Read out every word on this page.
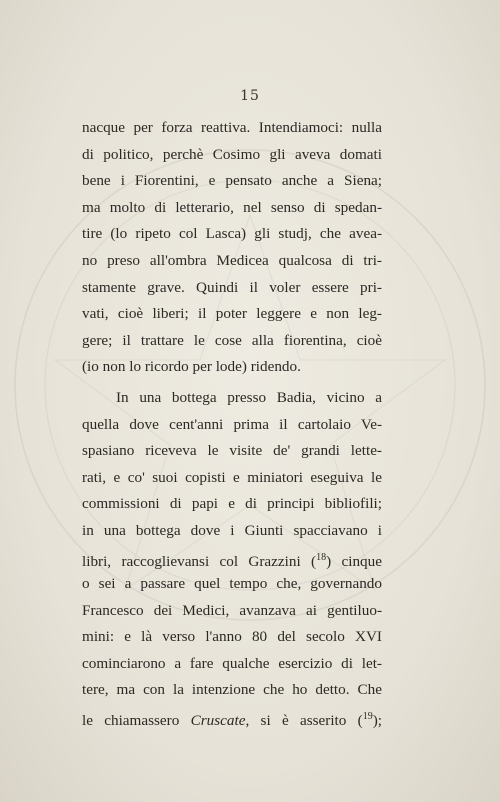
15
nacque per forza reattiva. Intendiamoci: nulla
di politico, perchè Cosimo gli aveva domati
bene i Fiorentini, e pensato anche a Siena;
ma molto di letterario, nel senso di spedan-
tire (lo ripeto col Lasca) gli studj, che avea-
no preso all'ombra Medicea qualcosa di tri-
stamente grave. Quindi il voler essere pri-
vati, cioè liberi; il poter leggere e non leg-
gere; il trattare le cose alla fiorentina, cioè
(io non lo ricordo per lode) ridendo.
In una bottega presso Badia, vicino a
quella dove cent'anni prima il cartolaio Ve-
spasiano riceveva le visite de' grandi lette-
rati, e co' suoi copisti e miniatori eseguiva le
commissioni di papi e di principi bibliofili;
in una bottega dove i Giunti spacciavano i
libri, raccoglievansi col Grazzini ($^{18}$) cinque
o sei a passare quel tempo che, governando
Francesco dei Medici, avanzava ai gentiluo-
mini: e là verso l'anno 80 del secolo XVI
cominciarono a fare qualche esercizio di let-
tere, ma con la intenzione che ho detto. Che
le chiamassero Cruscate, si è asserito ($^{19}$);
